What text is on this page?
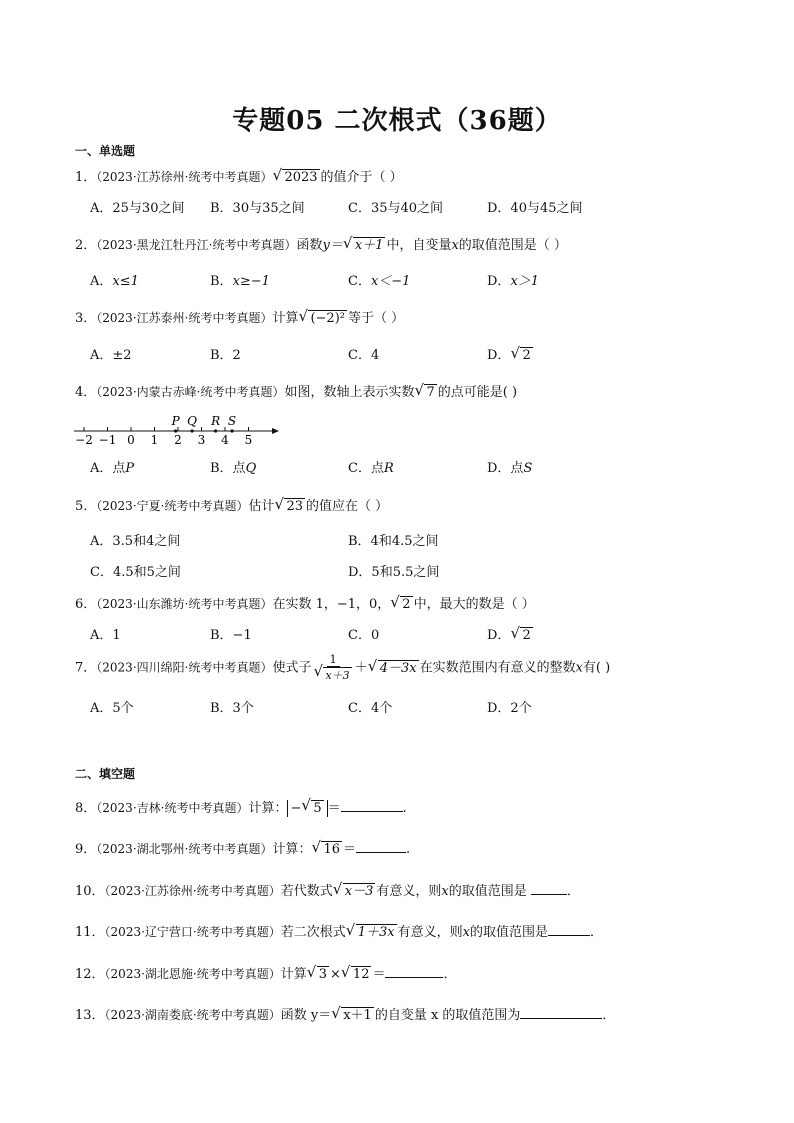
专题05 二次根式（36题）
一、单选题
1．（2023·江苏徐州·统考中考真题） √ 2023 的值介于（ ）
A．25与30之间 B．30与35之间	C．35与40之间	D．40与45之间
2．（2023·黑龙江牡丹江·统考中考真题）函数y＝ √ x＋1 中，自变量x的取值范围是（ ）
A．x≤1	B．x≥−1	C．x＜−1	D．x＞1
3．（2023·江苏泰州·统考中考真题）计算 √ (−2)² 等于（ ）
A．±2	B．2	C．4	D． √ 2
4．（2023·内蒙古赤峰·统考中考真题）如图，数轴上表示实数 √ 7 的点可能是( )
−2 −1 0 1 2 3 4 5
P Q R S
A．点P	B．点Q	C．点R	D．点S
5．（2023·宁夏·统考中考真题）估计 √ 23 的值应在（ ）
A．3.5和4之间	B．4和4.5之间
C．4.5和5之间	D．5和5.5之间
6．（2023·山东潍坊·统考中考真题）在实数 1，−1，0， √ 2 中，最大的数是（ ）
A．1	B．−1	C．0	D． √ 2
7．（2023·四川绵阳·统考中考真题）使式子 1
√ x＋3 ＋ √ 4－3x 在实数范围内有意义的整数x有( )
A．5个	B．3个	C．4个	D．2个
二、填空题
8．（2023·吉林·统考中考真题）计算： − √ 5 ＝	.
9．（2023·湖北鄂州·统考中考真题）计算： √ 16 ＝	.
10．（2023·江苏徐州·统考中考真题）若代数式 √ x－3 有意义，则x的取值范围是	．
11．（2023·辽宁营口·统考中考真题）若二次根式 √ 1＋3x 有意义，则x的取值范围是	．
12．（2023·湖北恩施·统考中考真题）计算 √ 3 × √ 12 ＝	．
13．（2023·湖南娄底·统考中考真题）函数 y＝ √ x＋1 的自变量 x 的取值范围为	．
